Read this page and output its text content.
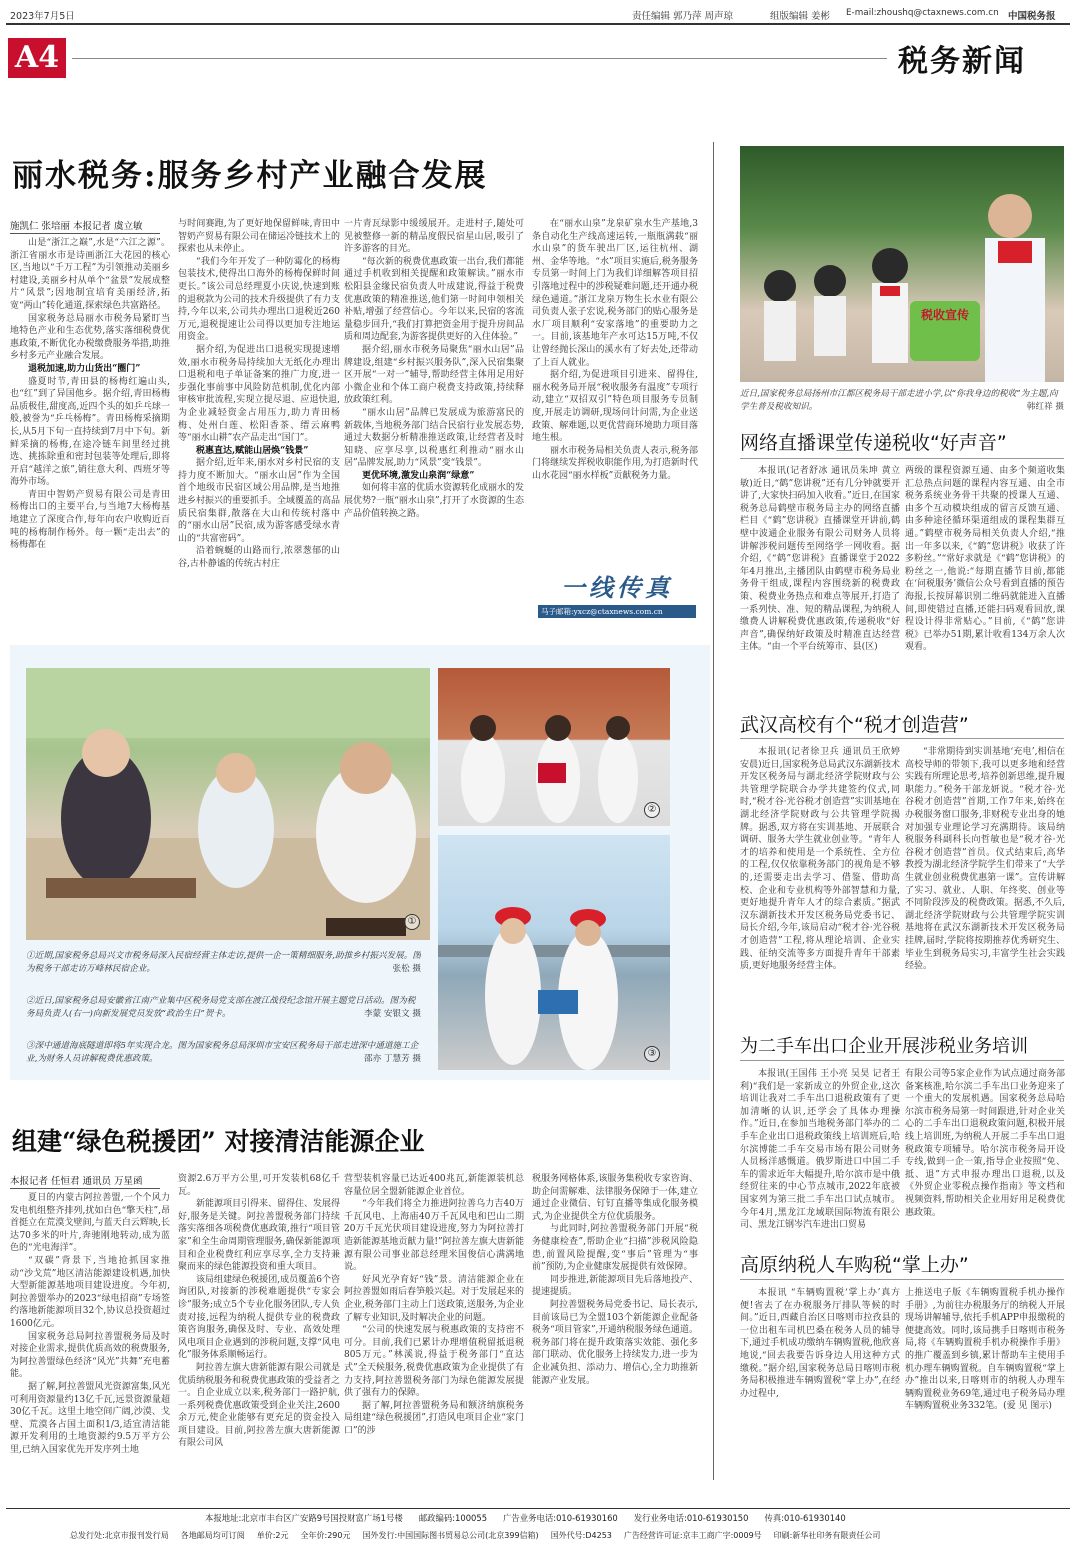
2023年7月5日	责任编辑 郭乃萍 周声琼	组版编辑 姜彬	E-mail:zhoushq@ctaxnews.com.cn 中国税务报
A4	税务新闻
丽水税务:服务乡村产业融合发展
施凯仁 张培丽 本报记者 虞立敏

山是“浙江之巅”,水是“六江之源”。浙江省丽水市是诗画浙江大花园的核心区,当地以“千万工程”为引领推动美丽乡村建设,美丽乡村从单个“盆景”发展成整片“风景”;因地制宜培育美丽经济,拓宽“两山”转化通道,探索绿色共富路径。

国家税务总局丽水市税务局紧盯当地特色产业和生态优势,落实落细税费优惠政策,不断优化办税缴费服务举措,助推乡村多元产业融合发展。

退税加速,助力山货出“圈门”

盛夏时节,青田县的杨梅红遍山头,也“红”到了异国他乡。据介绍,青田杨梅品质极佳,甜度高,近四个头的如乒乓球一般,被誉为“乒乓杨梅”。青田杨梅采摘期长,从5月下旬一直持续到7月中下旬。新鲜采摘的杨梅,在途冷链车间里经过挑选、挑拣除重和密封包装等处理后,即将开启“越洋之旅”,销往意大利、西班牙等海外市场。

青田中智奶产贸易有限公司是青田杨梅出口的主要平台,与当地7大杨梅基地建立了深度合作,每年向农户收购近百吨的杨梅制作杨外。每一颗“走出去”的杨梅都在

与时间赛跑,为了更好地保留鲜味,青田中智奶产贸易有限公司在储运冷链技术上的探索也从未停止。

“我们今年开发了一种防霉化的杨梅包装技术,使得出口海外的杨梅保鲜时间更长。”该公司总经理夏小庆说,快速到账的退税款为公司的技术升级提供了有力支持,今年以来,公司共办理出口退税近260万元,退税提速让公司得以更加专注地运用资金。

据介绍,为促进出口退税实现提速增效,丽水市税务局持续加大无纸化办理出口退税和电子单证备案的推广力度,进一步强化事前事中风险防范机制,优化内部审核审批流程,实现立提尽退、应退快退,为企业减轻资金占用压力,助力青田杨梅、处州白莲、松阳香茶、缙云麻鸭等“丽水山耕”农产品走出“国门”。

税惠直达,赋能山居焕“钱景”

据介绍,近年来,丽水对乡村民宿的支持力度不断加大。“丽水山居”作为全国首个地级市民宿区域公用品牌,是当地推进乡村振兴的重要抓手。全域覆盖的高品质民宿集群,散落在大山和传统村落中的“丽水山居”民宿,成为游客感受绿水青山的“共富密码”。

沿着蜿蜒的山路而行,浓翠葱郁的山谷,古朴静谧的传统古村庄

一片青瓦绿影中缓缓展开。走进村子,随处可见被整修一新的精品度假民宿星山居,吸引了许多游客的目光。

“每次新的税费优惠政策一出台,我们都能通过手机收到相关提醒和政策解读。”丽水市松阳县金缘民宿负责人叶成建说,得益于税费优惠政策的精准推送,他们第一时间申领相关补贴,增强了经营信心。今年以来,民宿的客流量稳步回升,“我们打算把资金用于提升房间品质和周边配套,为游客提供更好的入住体验。”

据介绍,丽水市税务局聚焦“丽水山居”品牌建设,组建“乡村振兴服务队”,深入民宿集聚区开展“一对一”辅导,帮助经营主体用足用好小微企业和个体工商户税费支持政策,持续释放政策红利。

“丽水山居”品牌已发展成为旅游富民的新载体,当地税务部门结合民宿行业发展态势,通过大数据分析精准推送政策,让经营者及时知晓、应享尽享,以税惠红利推动“丽水山居”品牌发展,助力“风景”变“钱景”。

更优环境,激发山泉润“绿意”

如何将丰富的优质水资源转化成丽水的发展优势?一瓶“丽水山泉”,打开了水资源的生态产品价值转换之路。

在“丽水山泉”龙泉矿泉水生产基地,3条自动化生产线高速运转,一瓶瓶满载“丽水山泉”的货车驶出厂区,运往杭州、湖州、金华等地。“水”项目实施后,税务服务专员第一时间上门为我们详细解答项目招引落地过程中的涉税疑难问题,还开通办税绿色通道。”浙江龙泉万物生长水业有限公司负责人张子宏说,税务部门的贴心服务是水厂项目顺利“安家落地”的重要助力之一。目前,该基地年产水可达15万吨,不仅让曾经抛长深山的溪水有了好去处,还带动了上百人就业。

据介绍,为促进项目引进来、留得住,丽水税务局开展“税收服务有温度”专项行动,建立“双招双引”特色项目服务专员制度,开展走访调研,现场问计问需,为企业送政策、解难题,以更优营商环境助力项目落地生根。

丽水市税务局相关负责人表示,税务部门将继续发挥税收职能作用,为打造新时代山水花园“丽水样板”贡献税务力量。

一线传真
马子邮箱:yxcz@ctaxnews.com.cn
①
②
③
①近期,国家税务总局兴文市税务局深入民宿经营主体走访,提供一企一策精细服务,助推乡村振兴发展。图为税务干部走访万峰林民宿企业。	张松 摄
②近日,国家税务总局安徽省江南产业集中区税务局党支部在渡江战役纪念馆开展主题党日活动。图为税务局负责人(右一)向新发展党员发放“政治生日”贺卡。	李蒙 安银文 摄
③深中通道海底隧道即将5年实现合龙。图为国家税务总局深圳市宝安区税务局干部走进深中通道施工企业,为财务人员讲解税费优惠政策。	邵亦 丁慧芳 摄
组建“绿色税援团” 对接清洁能源企业
本报记者 任恒君 通讯员 万星函

夏日的内蒙古阿拉善盟,一个个风力发电机组整齐排列,扰如白色“擎天柱”,昂首挺立在荒漠戈壁间,与蓝天白云辉映,长达70多米的叶片,奔驰刚地转动,成为蓝色的“光电海洋”。

“双碳”背景下,当地抢抓国家推动“沙戈荒”地区清洁能源建设机遇,加快大型新能源基地项目建设进度。今年初,阿拉善盟举办的2023“绿电招商”专场签约落地新能源项目32个,协议总投资超过1600亿元。

国家税务总局阿拉善盟税务局及时对接企业需求,提供优质高效的税费服务,为阿拉善盟绿色经济“风光”共舞”充电蓄能。

据了解,阿拉善盟风光资源富集,风光可利用资源量约13亿千瓦,远景资源量超30亿千瓦。这里土地空间广阔,沙漠、戈壁、荒漠各占国土面积1/3,适宜清洁能源开发利用的土地资源约9.5万平方公里,已纳入国家优先开发序列土地

资源2.6万平方公里,可开发装机68亿千瓦。

新能源项目引得来、留得住、发展得好,服务是关键。阿拉善盟税务部门持续落实落细各项税费优惠政策,推行“项目管家”和全生命周期管理服务,确保新能源项目和企业税费红利应享尽享,全力支持兼聚而来的绿色能源投资和重大项目。

该局组建绿色税援团,成员覆盖6个咨询团队,对接新的涉税难题提供“专家会诊”服务;成立5个专业化服务团队,专人负责对接,远程为纳税人提供专业的税费政策咨询服务,确保及时、专业、高效处理风电项目企业遇到的涉税问题,支撑“风电化”服务体系顺畅运行。

阿拉善左旗大唐新能源有限公司就是优质纳税服务和税费优惠政策的受益者之一。自企业成立以来,税务部门一路护航,一系列税费优惠政策受到企业关注,2600余万元,使企业能够有更充足的资金投入项目建设。目前,阿拉善左旗大唐新能源有限公司风

营型装机容量已达近400兆瓦,新能源装机总容量位居全盟新能源企业首位。

“今年我们将全力推进阿拉善乌力吉40万千瓦风电、上海庙40万千瓦风电和巴山二期20万千瓦光伏项目建设进度,努力为阿拉善打造新能源基地贡献力量!”阿拉善左旗大唐新能源有限公司事业部总经理米国俊信心满满地说。

好风光孕育好“钱”景。清洁能源企业在阿拉善盟如雨后春笋般兴起。对于发展起来的企业,税务部门主动上门送政策,送服务,为企业了解专业知识,及时解决企业的问题。

“公司的快速发展与税惠政策的支持密不可分。目前,我们已累计办理增值税留抵退税805万元。”林溪说,得益于税务部门“直达式”全天候服务,税费优惠政策为企业提供了有力支持,阿拉善盟税务部门为绿色能源发展提供了强有力的保障。

据了解,阿拉善盟税务局和额济纳旗税务局组建“绿色税援团”,打造风电项目企业“家门口”的涉

税服务网格体系,该服务集税收专家咨询、助企问需解难、法律服务保障于一体,建立通过企业微信、钉钉直播等集成化服务模式,为企业提供全方位优质服务。

与此同时,阿拉善盟税务部门开展“税务健康检查”,帮助企业“扫描”涉税风险隐患,前置风险提醒,变“事后”管理为“事前”预防,为企业健康发展提供有效保障。

同步推进,新能源项目先后落地投产、提速提质。

阿拉善盟税务局党委书记、局长表示,目前该局已为全盟103个新能源企业配备税务“项目管家”,开通纳税服务绿色通道。税务部门将在提升政策落实效能、强化多部门联动、优化服务上持续发力,进一步为企业减负担、添动力、增信心,全力助推新能源产业发展。

税收宣传
近日,国家税务总局扬州市江都区税务局干部走进小学,以“你我身边的税收”为主题,向学生普及税收知识。	韩红祥 摄
网络直播课堂传递税收“好声音”

本报讯(记者舒冰 通讯员朱坤 黄立敏)近日,“鹤”您讲税”还有几分钟就要开讲了,大家快扫码加入收看。”近日,在国家税务总局鹤壁市税务局主办的网络直播栏目《“鹤”您讲税》直播课堂开讲前,鹤壁中波通企业服务有限公司财务人员将讲解涉税问题传至网络学一网收看。据介绍,《“鹤”您讲税》直播课堂于2022年4月推出,主播团队由鹤壁市税务局业务骨干组成,课程内容围绕新的税费政策、税费业务热点和难点等展开,打造了一系列快、准、短的精品课程,为纳税人缴费人讲解税费优惠政策,传递税收“好声音”,确保纳好政策及时精准直达经营主体。“由一个平台统筹市、县(区)

两级的课程资源互通、由多个频道收集汇总热点问题的课程内容互通、由全市税务系统业务骨干共聚的授课人互通、由多个互动模块组成的留言反馈互通、由多种途径循环渠道组成的课程集群互通。”鹤壁市税务局相关负责人介绍,“推出一年多以来,《“鹤”您讲税》收获了许多粉丝。”“常好求就是《“鹤”您讲税》的粉丝之一,他说:“每期直播节目前,都能在‘问税服务’微信公众号看到直播的预告海报,长按屏幕识别二维码就能进入直播间,即使错过直播,还能扫码观看回放,课程设计得非常贴心。”目前,《“鹤”您讲税》已举办51期,累计收看134万余人次观看。

武汉高校有个“税才创造营”

本报讯(记者徐卫兵 通讯员王欣婷 安晨)近日,国家税务总局武汉东湖新技术开发区税务局与湖北经济学院财政与公共管理学院联合办学共建签约仪式,同时,“税才谷·光谷税才创造营”实训基地在湖北经济学院财政与公共管理学院揭牌。据悉,双方将在实训基地、开展联合调研、服务大学生就业创业等。“青年人才的培养和使用是一个系统性、全方位的工程,仅仅依靠税务部门的视角是不够的,还需要走出去学习、借鉴、借助高校、企业和专业机构等外部智慧和力量,更好地提升青年人才的综合素质。”据武汉东湖新技术开发区税务局党委书记、局长介绍,今年,该局启动“税才谷·光谷税才创造营”工程,将从理论培训、企业实践、征纳交流等多方面提升青年干部素质,更好地服务经营主体。

“非常期待到实训基地‘充电’,相信在高校导师的带领下,我可以更多地和经营实践有所理论思考,培养创新思维,提升履职能力。”税务干部龙妍说。“税才谷·光谷税才创造营”首期,工作7年来,始终在办税服务窗口服务,非财税专业出身的她对加强专业理论学习充满期待。该局纳税服务科副科长向哲敏也是“税才谷·光谷税才创造营”首员。仪式结束后,高华教授为湖北经济学院学生们带来了“大学生就业创业税费优惠第一课”。宣传讲解了实习、就业、人职、年终奖、创业等不同阶段涉及的税费政策。据悉,不久后,湖北经济学院财政与公共管理学院实训基地将在武汉东湖新技术开发区税务局挂牌,届时,学院将按期推荐优秀研究生、毕业生到税务局实习,丰富学生社会实践经验。

为二手车出口企业开展涉税业务培训

本报讯(王国伟 王小亮 吴昊 记者王利)“我们是一家新成立的外贸企业,这次培训让我对二手车出口退税政策有了更加清晰的认识,还学会了具体办理操作。”近日,在参加当地税务部门举办的二手车企业出口退税政策线上培训班后,哈尔滨博能二手车交易市场有限公司财务人员杨洋感慨道。俄罗斯进口中国二手车的需求近年大幅提升,哈尔滨市是中俄经贸往来的中心节点城市,2022年底被国家列为第三批二手车出口试点城市。今年4月,黑龙江龙域联国际物流有限公司、黑龙江钢岑汽车进出口贸易

有限公司等5家企业作为试点通过商务部备案核准,哈尔滨二手车出口业务迎来了一个重大的发展机遇。国家税务总局哈尔滨市税务局第一时间跟进,针对企业关心的二手车出口退税政策问题,积极开展线上培训班,为纳税人开展二手车出口退税政策专项辅导。哈尔滨市税务局开设专线,做到一企一策,指导企业按照“免、抵、退”方式申报办理出口退税,以及《外贸企业零税点操作指南》等文档和视频资料,帮助相关企业用好用足税费优惠政策。

高原纳税人车购税“掌上办”

本报讯 “车辆购置税‘掌上办’真方便!省去了在办税服务厅排队等候的时间。”近日,西藏自治区日喀则市拉孜县的一位出租车司机巴桑在税务人员的辅导下,通过手机成功缴纳车辆购置税,他欣喜地说,“回去我要告诉身边人用这种方式缴税。”据介绍,国家税务总局日喀则市税务局积极推进车辆购置税“掌上办”,在经办过程中,

上推送电子版《车辆购置税手机办操作手册》,为前往办税服务厅的纳税人开展现场讲解辅导,依托手机APP申报缴税的便捷高效。同时,该局携手日喀则市税务局,将《车辆购置税手机办税操作手册》的推广覆盖到乡镇,累计帮助车主使用手机办理车辆购置税。自车辆购置税“掌上办”推出以来,日喀则市的纳税人办理车辆购置税业务69笔,通过电子税务局办理车辆购置税业务332笔。(爱 见 图示)

本报地址:北京市丰台区广安路9号国投财富广场1号楼 邮政编码:100055 广告业务电话:010-61930160 发行业务电话:010-61930150 传真:010-61930140
总发行处:北京市报刊发行局 各地邮局均可订阅 单价:2元 全年价:290元 国外发行:中国国际图书贸易总公司(北京399信箱) 国外代号:D4253 广告经营许可证:京丰工商广字:0009号 印刷:新华社印务有限责任公司
